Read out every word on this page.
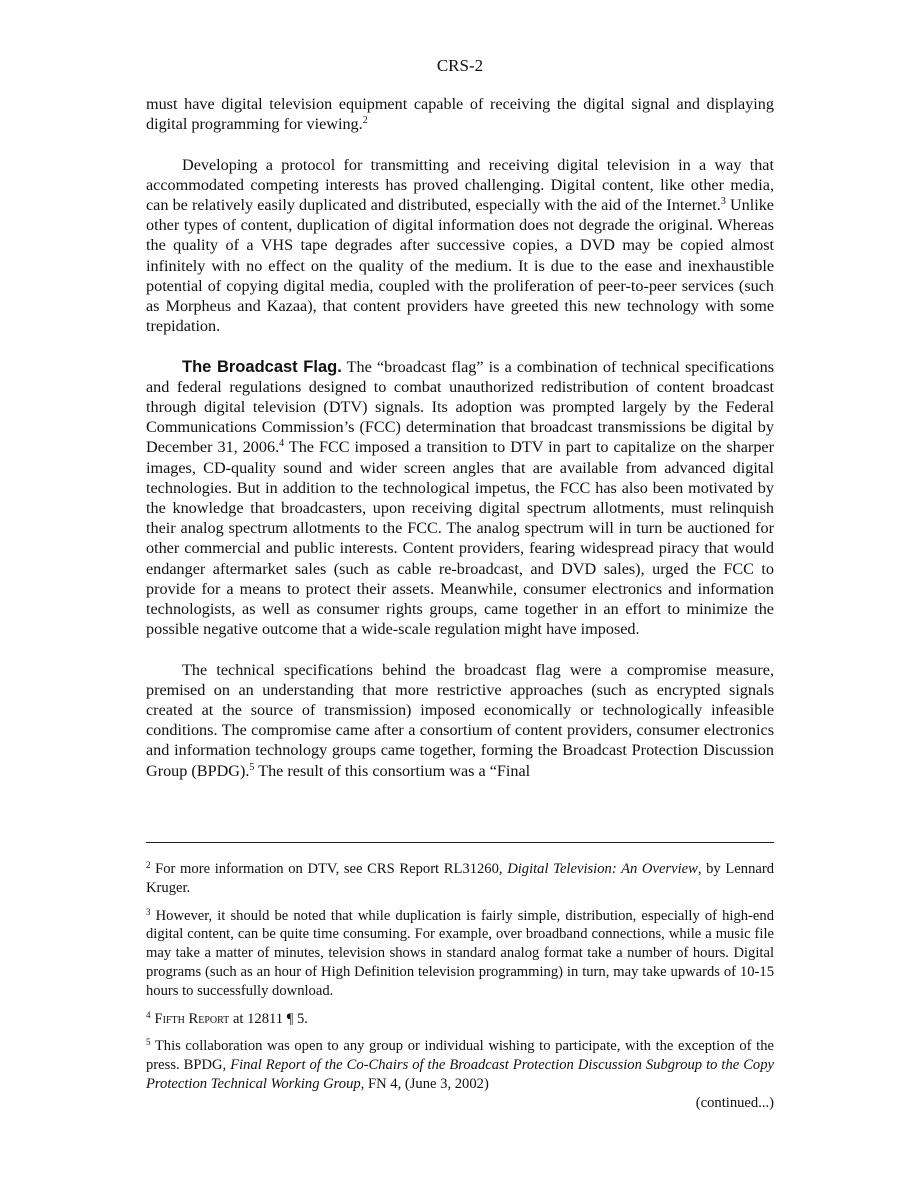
CRS-2

must have digital television equipment capable of receiving the digital signal and displaying digital programming for viewing.$^2$

Developing a protocol for transmitting and receiving digital television in a way that accommodated competing interests has proved challenging. Digital content, like other media, can be relatively easily duplicated and distributed, especially with the aid of the Internet.$^3$ Unlike other types of content, duplication of digital information does not degrade the original. Whereas the quality of a VHS tape degrades after successive copies, a DVD may be copied almost infinitely with no effect on the quality of the medium. It is due to the ease and inexhaustible potential of copying digital media, coupled with the proliferation of peer-to-peer services (such as Morpheus and Kazaa), that content providers have greeted this new technology with some trepidation.

The Broadcast Flag. The “broadcast flag” is a combination of technical specifications and federal regulations designed to combat unauthorized redistribution of content broadcast through digital television (DTV) signals. Its adoption was prompted largely by the Federal Communications Commission’s (FCC) determination that broadcast transmissions be digital by December 31, 2006.$^4$ The FCC imposed a transition to DTV in part to capitalize on the sharper images, CD-quality sound and wider screen angles that are available from advanced digital technologies. But in addition to the technological impetus, the FCC has also been motivated by the knowledge that broadcasters, upon receiving digital spectrum allotments, must relinquish their analog spectrum allotments to the FCC. The analog spectrum will in turn be auctioned for other commercial and public interests. Content providers, fearing widespread piracy that would endanger aftermarket sales (such as cable re-broadcast, and DVD sales), urged the FCC to provide for a means to protect their assets. Meanwhile, consumer electronics and information technologists, as well as consumer rights groups, came together in an effort to minimize the possible negative outcome that a wide-scale regulation might have imposed.

The technical specifications behind the broadcast flag were a compromise measure, premised on an understanding that more restrictive approaches (such as encrypted signals created at the source of transmission) imposed economically or technologically infeasible conditions. The compromise came after a consortium of content providers, consumer electronics and information technology groups came together, forming the Broadcast Protection Discussion Group (BPDG).$^5$ The result of this consortium was a “Final

$^2$ For more information on DTV, see CRS Report RL31260, Digital Television: An Overview, by Lennard Kruger.

$^3$ However, it should be noted that while duplication is fairly simple, distribution, especially of high-end digital content, can be quite time consuming. For example, over broadband connections, while a music file may take a matter of minutes, television shows in standard analog format take a number of hours. Digital programs (such as an hour of High Definition television programming) in turn, may take upwards of 10-15 hours to successfully download.

$^4$ Fifth Report at 12811 ¶ 5.

$^5$ This collaboration was open to any group or individual wishing to participate, with the exception of the press. BPDG, Final Report of the Co-Chairs of the Broadcast Protection Discussion Subgroup to the Copy Protection Technical Working Group, FN 4, (June 3, 2002)

(continued...)
